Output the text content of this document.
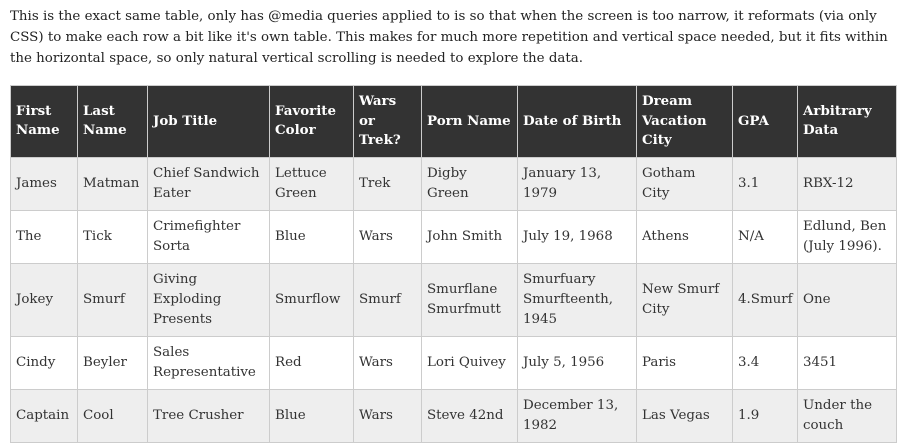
This is the exact same table, only has @media queries applied to is so that when the screen is too narrow, it reformats (via only CSS) to make each row a bit like it's own table. This makes for much more repetition and vertical space needed, but it fits within the horizontal space, so only natural vertical scrolling is needed to explore the data.

First Name	Last Name	Job Title	Favorite Color	Wars or Trek?	Porn Name	Date of Birth	Dream Vacation City	GPA	Arbitrary Data
James	Matman	Chief Sandwich Eater	Lettuce Green	Trek	Digby Green	January 13, 1979	Gotham City	3.1	RBX-12
The	Tick	Crimefighter Sorta	Blue	Wars	John Smith	July 19, 1968	Athens	N/A	Edlund, Ben (July 1996).
Jokey	Smurf	Giving Exploding Presents	Smurflow	Smurf	Smurflane Smurfmutt	Smurfuary Smurfteenth, 1945	New Smurf City	4.Smurf	One
Cindy	Beyler	Sales Representative	Red	Wars	Lori Quivey	July 5, 1956	Paris	3.4	3451
Captain	Cool	Tree Crusher	Blue	Wars	Steve 42nd	December 13, 1982	Las Vegas	1.9	Under the couch
